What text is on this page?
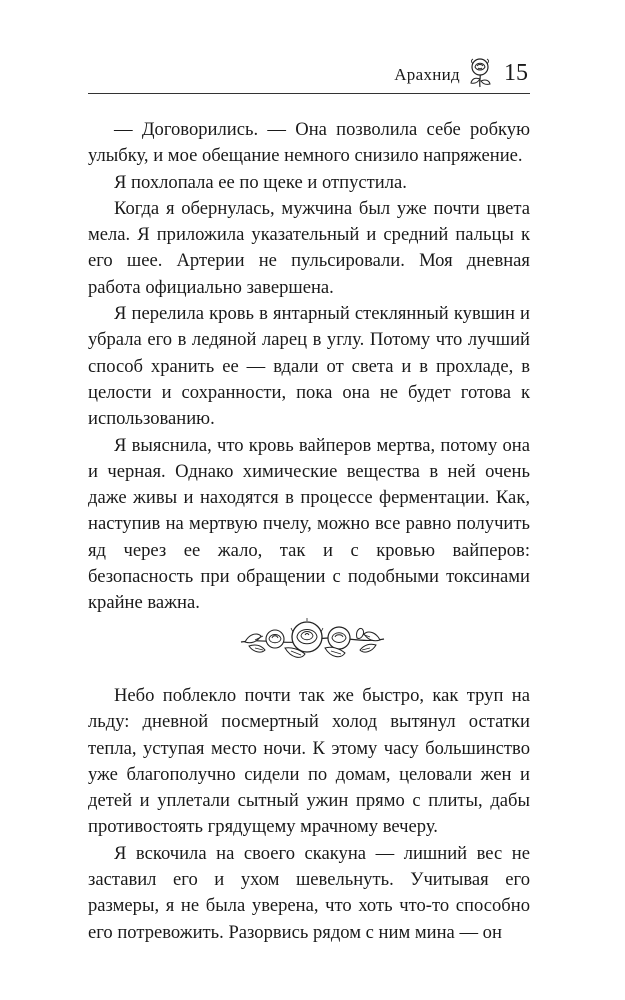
Арахнид 15

— Договорились. — Она позволила себе робкую улыбку, и мое обещание немного снизило напряжение.

Я похлопала ее по щеке и отпустила.

Когда я обернулась, мужчина был уже почти цвета мела. Я приложила указательный и средний пальцы к его шее. Артерии не пульсировали. Моя дневная работа официально завершена.

Я перелила кровь в янтарный стеклянный кувшин и убрала его в ледяной ларец в углу. Потому что лучший способ хранить ее — вдали от света и в прохладе, в целости и сохранности, пока она не будет готова к использованию.

Я выяснила, что кровь вайперов мертва, потому она и черная. Однако химические вещества в ней очень даже живы и находятся в процессе ферментации. Как, наступив на мертвую пчелу, можно все равно получить яд через ее жало, так и с кровью вайперов: безопасность при обращении с подобными токсинами крайне важна.

Небо поблекло почти так же быстро, как труп на льду: дневной посмертный холод вытянул остатки тепла, уступая место ночи. К этому часу большинство уже благополучно сидели по домам, целовали жен и детей и уплетали сытный ужин прямо с плиты, дабы противостоять грядущему мрачному вечеру.

Я вскочила на своего скакуна — лишний вес не заставил его и ухом шевельнуть. Учитывая его размеры, я не была уверена, что хоть что-то способно его потревожить. Разорвись рядом с ним мина — он
